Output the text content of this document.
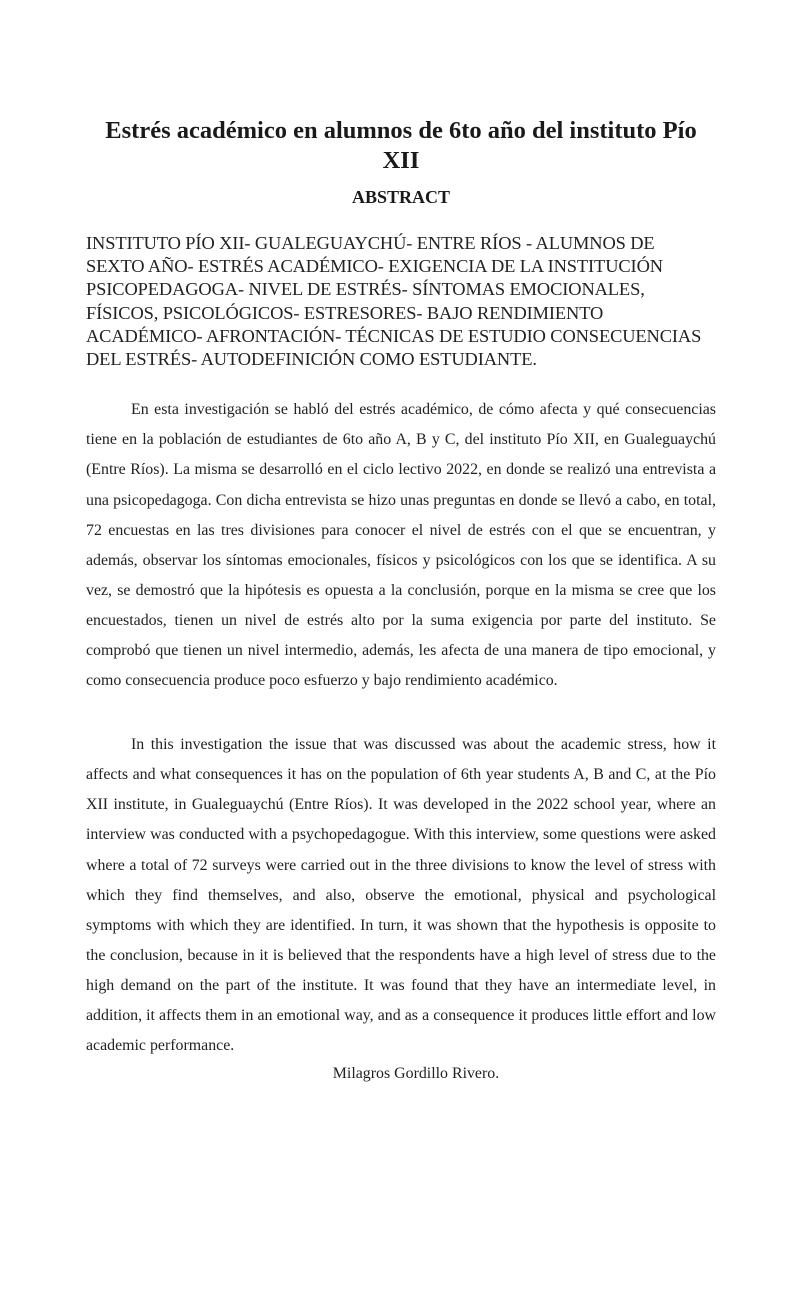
Estrés académico en alumnos de 6to año del instituto Pío XII
ABSTRACT

INSTITUTO PÍO XII- GUALEGUAYCHÚ- ENTRE RÍOS - ALUMNOS DE SEXTO AÑO- ESTRÉS ACADÉMICO- EXIGENCIA DE LA INSTITUCIÓN PSICOPEDAGOGA- NIVEL DE ESTRÉS- SÍNTOMAS EMOCIONALES, FÍSICOS, PSICOLÓGICOS- ESTRESORES- BAJO RENDIMIENTO ACADÉMICO- AFRONTACIÓN- TÉCNICAS DE ESTUDIO CONSECUENCIAS DEL ESTRÉS- AUTODEFINICIÓN COMO ESTUDIANTE.

En esta investigación se habló del estrés académico, de cómo afecta y qué consecuencias tiene en la población de estudiantes de 6to año A, B y C, del instituto Pío XII, en Gualeguaychú (Entre Ríos). La misma se desarrolló en el ciclo lectivo 2022, en donde se realizó una entrevista a una psicopedagoga. Con dicha entrevista se hizo unas preguntas en donde se llevó a cabo, en total, 72 encuestas en las tres divisiones para conocer el nivel de estrés con el que se encuentran, y además, observar los síntomas emocionales, físicos y psicológicos con los que se identifica. A su vez, se demostró que la hipótesis es opuesta a la conclusión, porque en la misma se cree que los encuestados, tienen un nivel de estrés alto por la suma exigencia por parte del instituto. Se comprobó que tienen un nivel intermedio, además, les afecta de una manera de tipo emocional, y como consecuencia produce poco esfuerzo y bajo rendimiento académico.

In this investigation the issue that was discussed was about the academic stress, how it affects and what consequences it has on the population of 6th year students A, B and C, at the Pío XII institute, in Gualeguaychú (Entre Ríos). It was developed in the 2022 school year, where an interview was conducted with a psychopedagogue. With this interview, some questions were asked where a total of 72 surveys were carried out in the three divisions to know the level of stress with which they find themselves, and also, observe the emotional, physical and psychological symptoms with which they are identified. In turn, it was shown that the hypothesis is opposite to the conclusion, because in it is believed that the respondents have a high level of stress due to the high demand on the part of the institute. It was found that they have an intermediate level, in addition, it affects them in an emotional way, and as a consequence it produces little effort and low academic performance.

Milagros Gordillo Rivero.
